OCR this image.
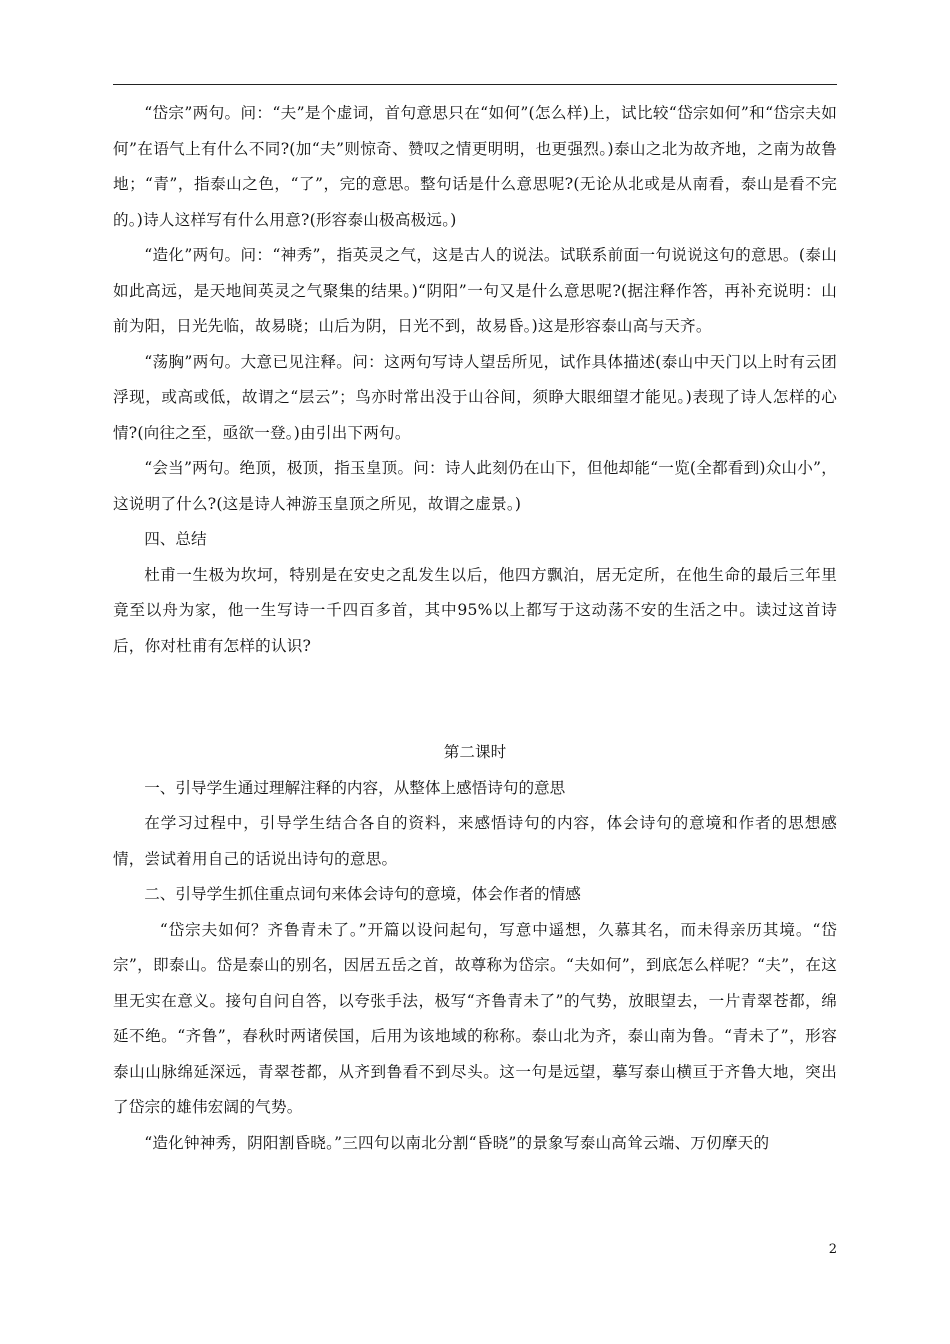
“岱宗”两句。问：“夫”是个虚词，首句意思只在“如何”(怎么样)上，试比较“岱宗如何”和“岱宗夫如何”在语气上有什么不同?(加“夫”则惊奇、赞叹之情更明明，也更强烈。)泰山之北为故齐地，之南为故鲁地；“青”，指泰山之色，“了”，完的意思。整句话是什么意思呢?(无论从北或是从南看，泰山是看不完的。)诗人这样写有什么用意?(形容泰山极高极远。)

“造化”两句。问：“神秀”，指英灵之气，这是古人的说法。试联系前面一句说说这句的意思。(泰山如此高远，是天地间英灵之气聚集的结果。)“阴阳”一句又是什么意思呢?(据注释作答，再补充说明：山前为阳，日光先临，故易晓；山后为阴，日光不到，故易昏。)这是形容泰山高与天齐。

“荡胸”两句。大意已见注释。问：这两句写诗人望岳所见，试作具体描述(泰山中天门以上时有云团浮现，或高或低，故谓之“层云”；鸟亦时常出没于山谷间，须睁大眼细望才能见。)表现了诗人怎样的心情?(向往之至，亟欲一登。)由引出下两句。

“会当”两句。绝顶，极顶，指玉皇顶。问：诗人此刻仍在山下，但他却能“一览(全都看到)众山小”，这说明了什么?(这是诗人神游玉皇顶之所见，故谓之虚景。)

四、总结

杜甫一生极为坎坷，特别是在安史之乱发生以后，他四方飘泊，居无定所，在他生命的最后三年里竟至以舟为家，他一生写诗一千四百多首，其中95%以上都写于这动荡不安的生活之中。读过这首诗后，你对杜甫有怎样的认识?

第二课时

一、引导学生通过理解注释的内容，从整体上感悟诗句的意思

在学习过程中，引导学生结合各自的资料，来感悟诗句的内容，体会诗句的意境和作者的思想感情，尝试着用自己的话说出诗句的意思。

二、引导学生抓住重点词句来体会诗句的意境，体会作者的情感

“岱宗夫如何？齐鲁青未了。”开篇以设问起句，写意中遥想，久慕其名，而未得亲历其境。“岱宗”，即泰山。岱是泰山的别名，因居五岳之首，故尊称为岱宗。“夫如何”，到底怎么样呢？“夫”，在这里无实在意义。接句自问自答，以夸张手法，极写“齐鲁青未了”的气势，放眼望去，一片青翠苍都，绵延不绝。“齐鲁”，春秋时两诸侯国，后用为该地域的称称。泰山北为齐，泰山南为鲁。“青未了”，形容泰山山脉绵延深远，青翠苍都，从齐到鲁看不到尽头。这一句是远望，摹写泰山横亘于齐鲁大地，突出了岱宗的雄伟宏阔的气势。

“造化钟神秀，阴阳割昏晓。”三四句以南北分割“昏晓”的景象写泰山高耸云端、万仞摩天的

2
